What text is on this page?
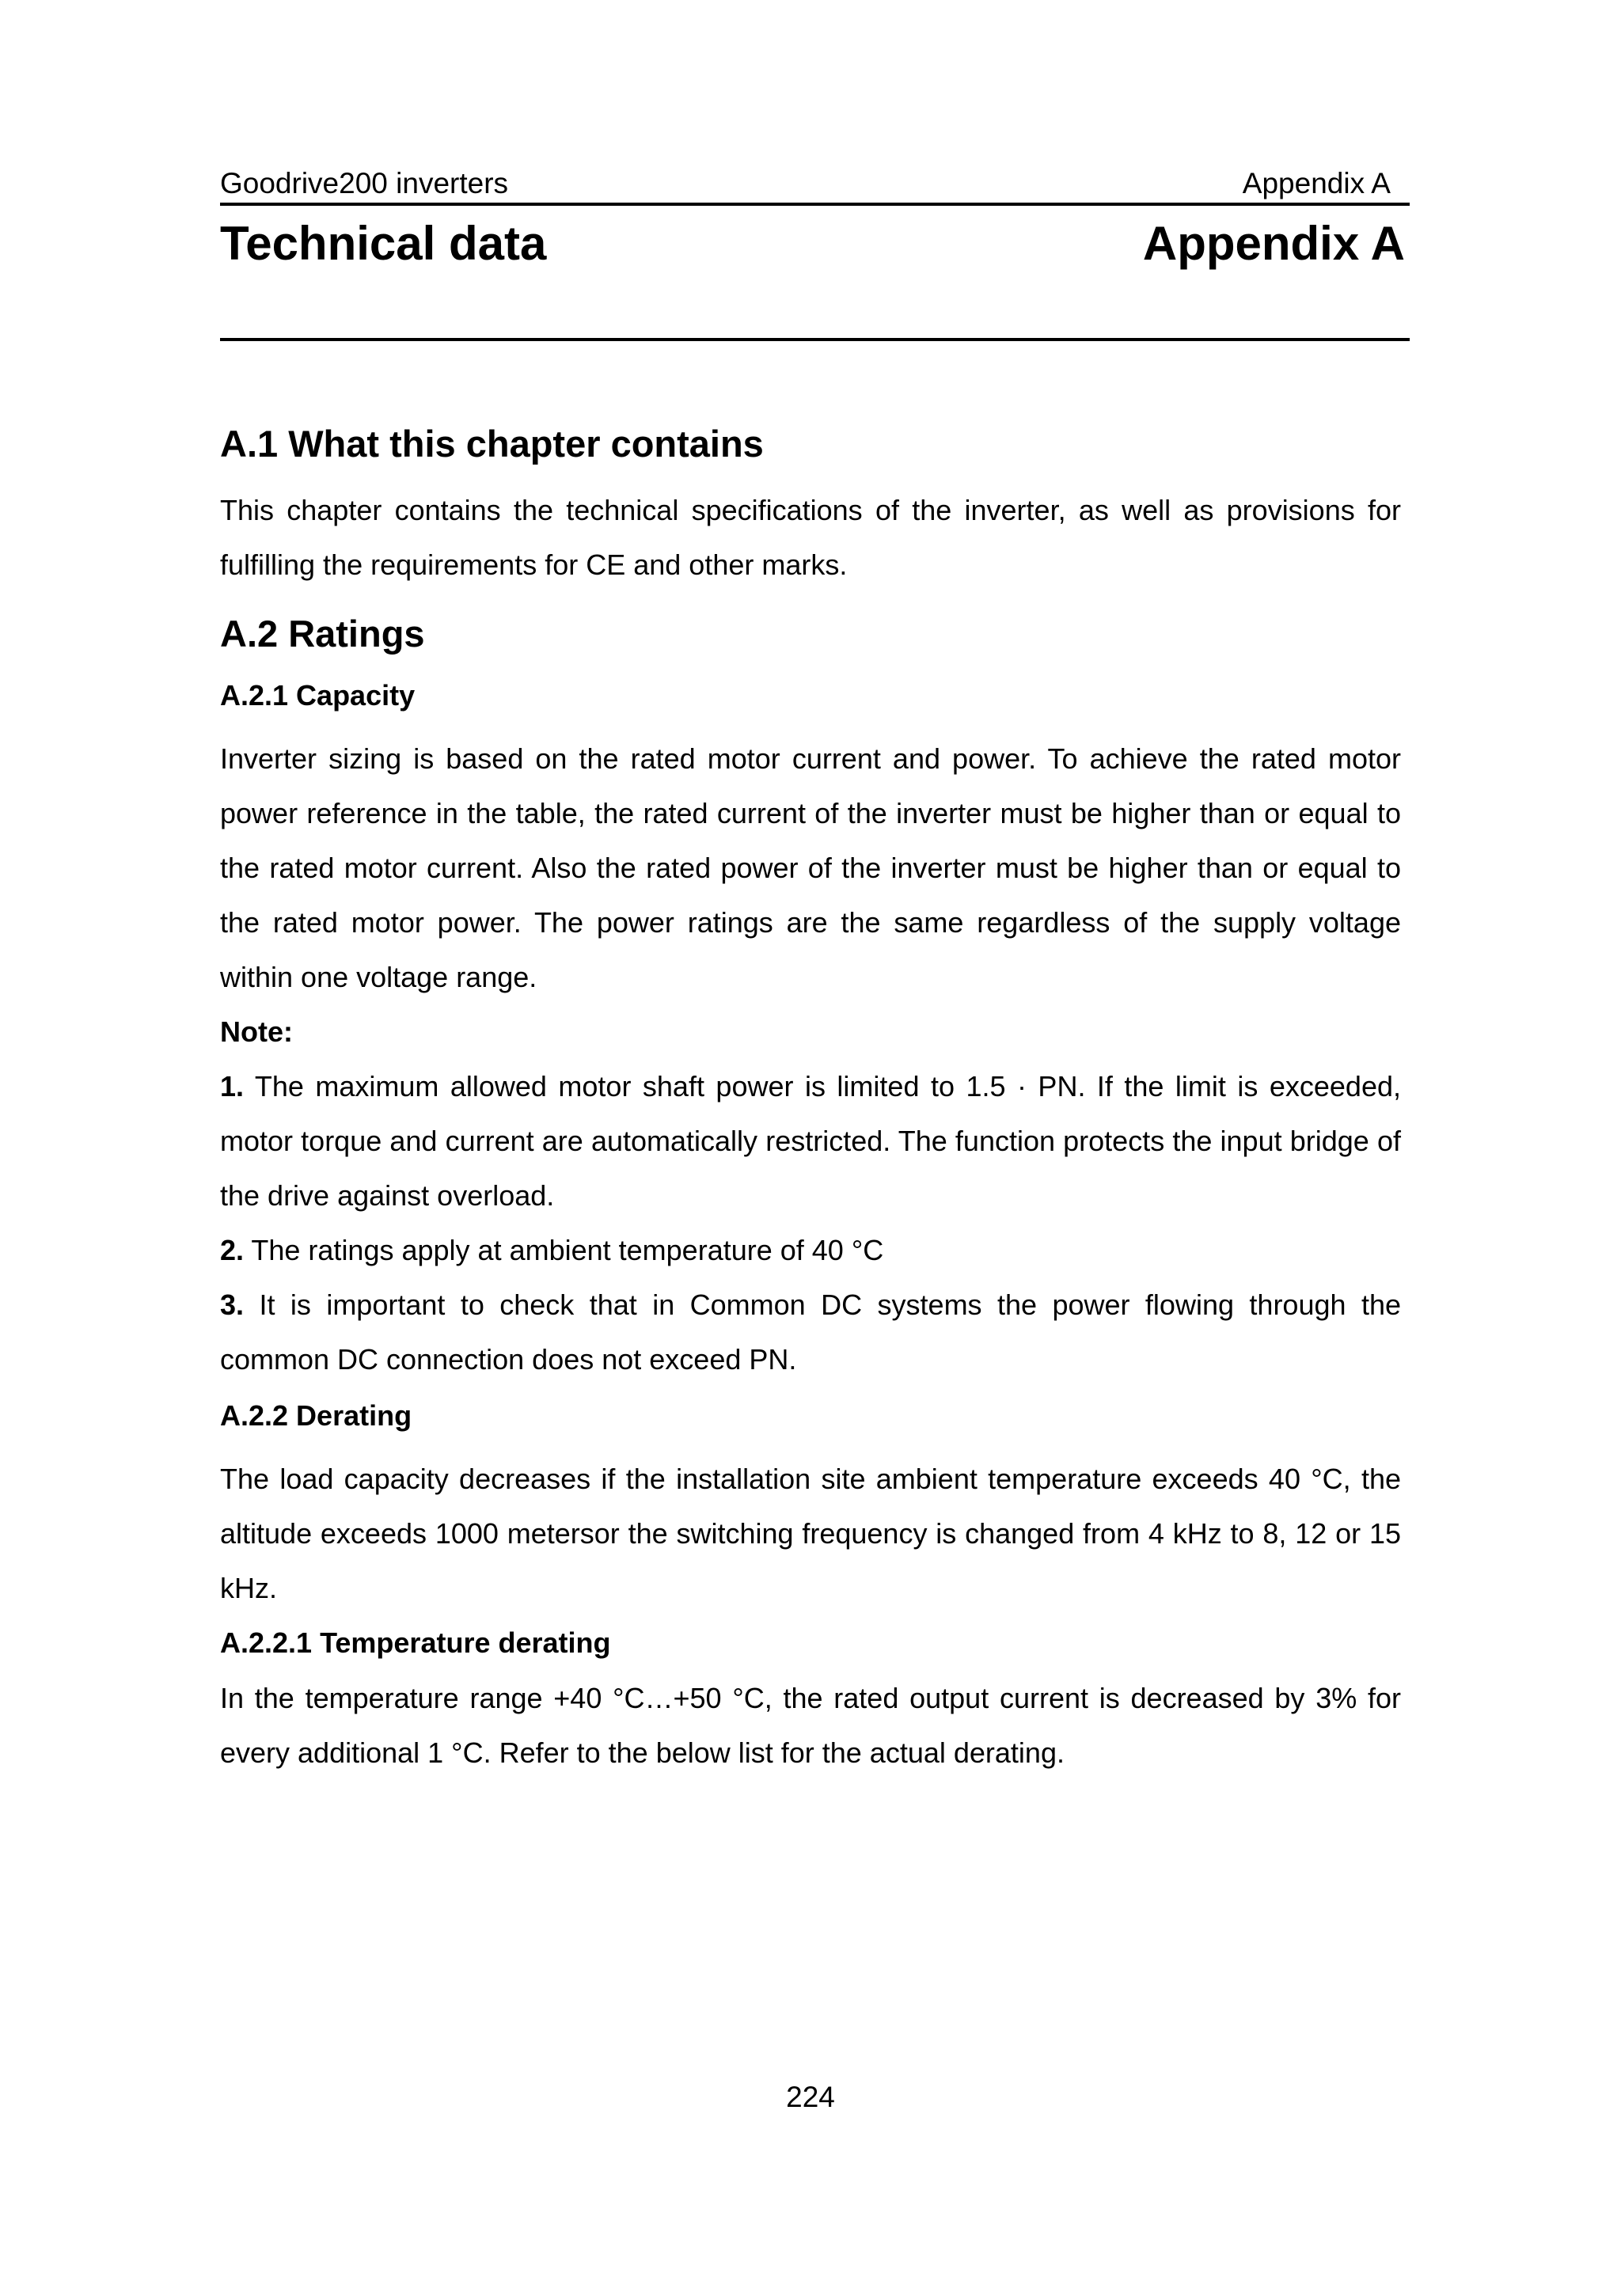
Goodrive200 inverters	Appendix A
Technical data	Appendix A
A.1 What this chapter contains

This chapter contains the technical specifications of the inverter, as well as provisions for fulfilling the requirements for CE and other marks.

A.2 Ratings
A.2.1 Capacity

Inverter sizing is based on the rated motor current and power. To achieve the rated motor power reference in the table, the rated current of the inverter must be higher than or equal to the rated motor current. Also the rated power of the inverter must be higher than or equal to the rated motor power. The power ratings are the same regardless of the supply voltage within one voltage range.

Note:

1. The maximum allowed motor shaft power is limited to 1.5 · PN. If the limit is exceeded, motor torque and current are automatically restricted. The function protects the input bridge of the drive against overload.

2. The ratings apply at ambient temperature of 40 °C

3. It is important to check that in Common DC systems the power flowing through the common DC connection does not exceed PN.

A.2.2 Derating

The load capacity decreases if the installation site ambient temperature exceeds 40 °C, the altitude exceeds 1000 metersor the switching frequency is changed from 4 kHz to 8, 12 or 15 kHz.

A.2.2.1 Temperature derating

In the temperature range +40 °C…+50 °C, the rated output current is decreased by 3% for every additional 1 °C. Refer to the below list for the actual derating.

224
